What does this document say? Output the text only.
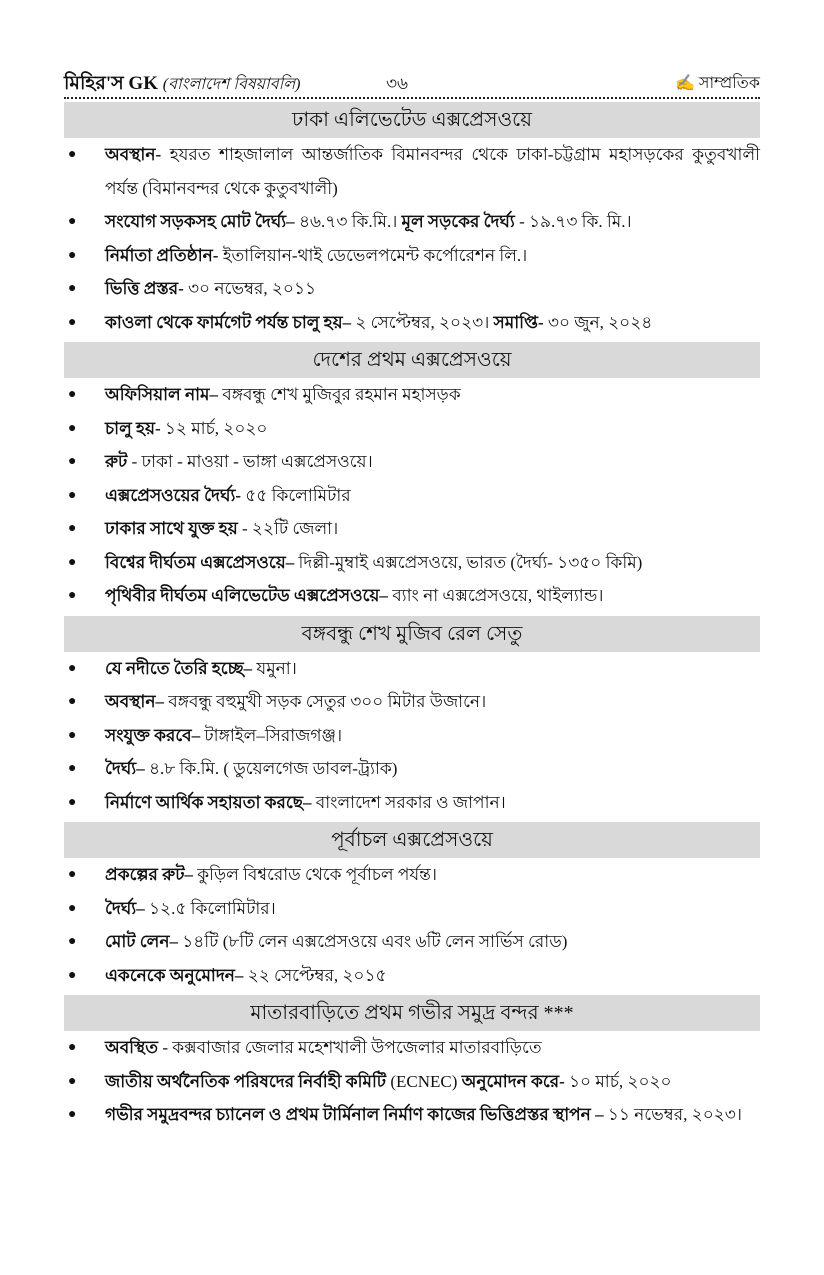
মিহির'স GK (বাংলাদেশ বিষয়াবলি)	৩৬	✍ সাম্প্রতিক
ঢাকা এলিভেটেড এক্সপ্রেসওয়ে
● অবস্থান- হযরত শাহজালাল আন্তর্জাতিক বিমানবন্দর থেকে ঢাকা-চট্টগ্রাম মহাসড়কের কুতুবখালী পর্যন্ত (বিমানবন্দর থেকে কুতুবখালী)
● সংযোগ সড়কসহ মোট দৈর্ঘ্য– ৪৬.৭৩ কি.মি.। মূল সড়কের দৈর্ঘ্য - ১৯.৭৩ কি. মি.।
● নির্মাতা প্রতিষ্ঠান- ইতালিয়ান-থাই ডেভেলপমেন্ট কর্পোরেশন লি.।
● ভিত্তি প্রস্তর- ৩০ নভেম্বর, ২০১১
● কাওলা থেকে ফার্মগেট পর্যন্ত চালু হয়– ২ সেপ্টেম্বর, ২০২৩। সমাপ্তি- ৩০ জুন, ২০২৪
দেশের প্রথম এক্সপ্রেসওয়ে
● অফিসিয়াল নাম– বঙ্গবন্ধু শেখ মুজিবুর রহমান মহাসড়ক
● চালু হয়- ১২ মার্চ, ২০২০
● রুট - ঢাকা - মাওয়া - ভাঙ্গা এক্সপ্রেসওয়ে।
● এক্সপ্রেসওয়ের দৈর্ঘ্য- ৫৫ কিলোমিটার
● ঢাকার সাথে যুক্ত হয় - ২২টি জেলা।
● বিশ্বের দীর্ঘতম এক্সপ্রেসওয়ে– দিল্লী-মুম্বাই এক্সপ্রেসওয়ে, ভারত (দৈর্ঘ্য- ১৩৫০ কিমি)
● পৃথিবীর দীর্ঘতম এলিভেটেড এক্সপ্রেসওয়ে– ব্যাং না এক্সপ্রেসওয়ে, থাইল্যান্ড।
বঙ্গবন্ধু শেখ মুজিব রেল সেতু
● যে নদীতে তৈরি হচ্ছে– যমুনা।
● অবস্থান– বঙ্গবন্ধু বহুমুখী সড়ক সেতুর ৩০০ মিটার উজানে।
● সংযুক্ত করবে– টাঙ্গাইল–সিরাজগঞ্জ।
● দৈর্ঘ্য– ৪.৮ কি.মি. ( ডুয়েলগেজ ডাবল-ট্র্যাক)
● নির্মাণে আর্থিক সহায়তা করছে– বাংলাদেশ সরকার ও জাপান।
পূর্বাচল এক্সপ্রেসওয়ে
● প্রকল্পের রুট– কুড়িল বিশ্বরোড থেকে পূর্বাচল পর্যন্ত।
● দৈর্ঘ্য– ১২.৫ কিলোমিটার।
● মোট লেন– ১৪টি (৮টি লেন এক্সপ্রেসওয়ে এবং ৬টি লেন সার্ভিস রোড)
● একনেকে অনুমোদন– ২২ সেপ্টেম্বর, ২০১৫
মাতারবাড়িতে প্রথম গভীর সমুদ্র বন্দর ***
● অবস্থিত - কক্সবাজার জেলার মহেশখালী উপজেলার মাতারবাড়িতে
● জাতীয় অর্থনৈতিক পরিষদের নির্বাহী কমিটি (ECNEC) অনুমোদন করে- ১০ মার্চ, ২০২০
● গভীর সমুদ্রবন্দর চ্যানেল ও প্রথম টার্মিনাল নির্মাণ কাজের ভিত্তিপ্রস্তর স্থাপন – ১১ নভেম্বর, ২০২৩।
